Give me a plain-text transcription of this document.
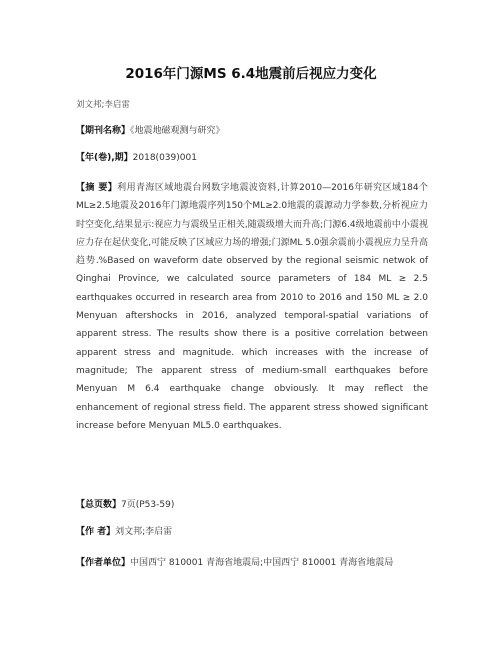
2016年门源MS 6.4地震前后视应力变化
刘文邦;李启雷
【期刊名称】《地震地磁观测与研究》
【年(卷),期】2018(039)001
【摘 要】利用青海区域地震台网数字地震波资料,计算2010—2016年研究区域184个ML≥2.5地震及2016年门源地震序列150个ML≥2.0地震的震源动力学参数,分析视应力时空变化,结果显示:视应力与震级呈正相关,随震级增大而升高;门源6.4级地震前中小震视应力存在起伏变化,可能反映了区域应力场的增强;门源ML 5.0强余震前小震视应力呈升高趋势.%Based on waveform date observed by the regional seismic netwok of Qinghai Province, we calculated source parameters of 184 ML ≥ 2.5 earthquakes occurred in research area from 2010 to 2016 and 150 ML ≥ 2.0 Menyuan aftershocks in 2016, analyzed temporal-spatial variations of apparent stress. The results show there is a positive correlation between apparent stress and magnitude. which increases with the increase of magnitude; The apparent stress of medium-small earthquakes before Menyuan M 6.4 earthquake change obviously. It may reflect the enhancement of regional stress field. The apparent stress showed significant increase before Menyuan ML5.0 earthquakes.
【总页数】7页(P53-59)
【作 者】刘文邦;李启雷
【作者单位】中国西宁 810001 青海省地震局;中国西宁 810001 青海省地震局
